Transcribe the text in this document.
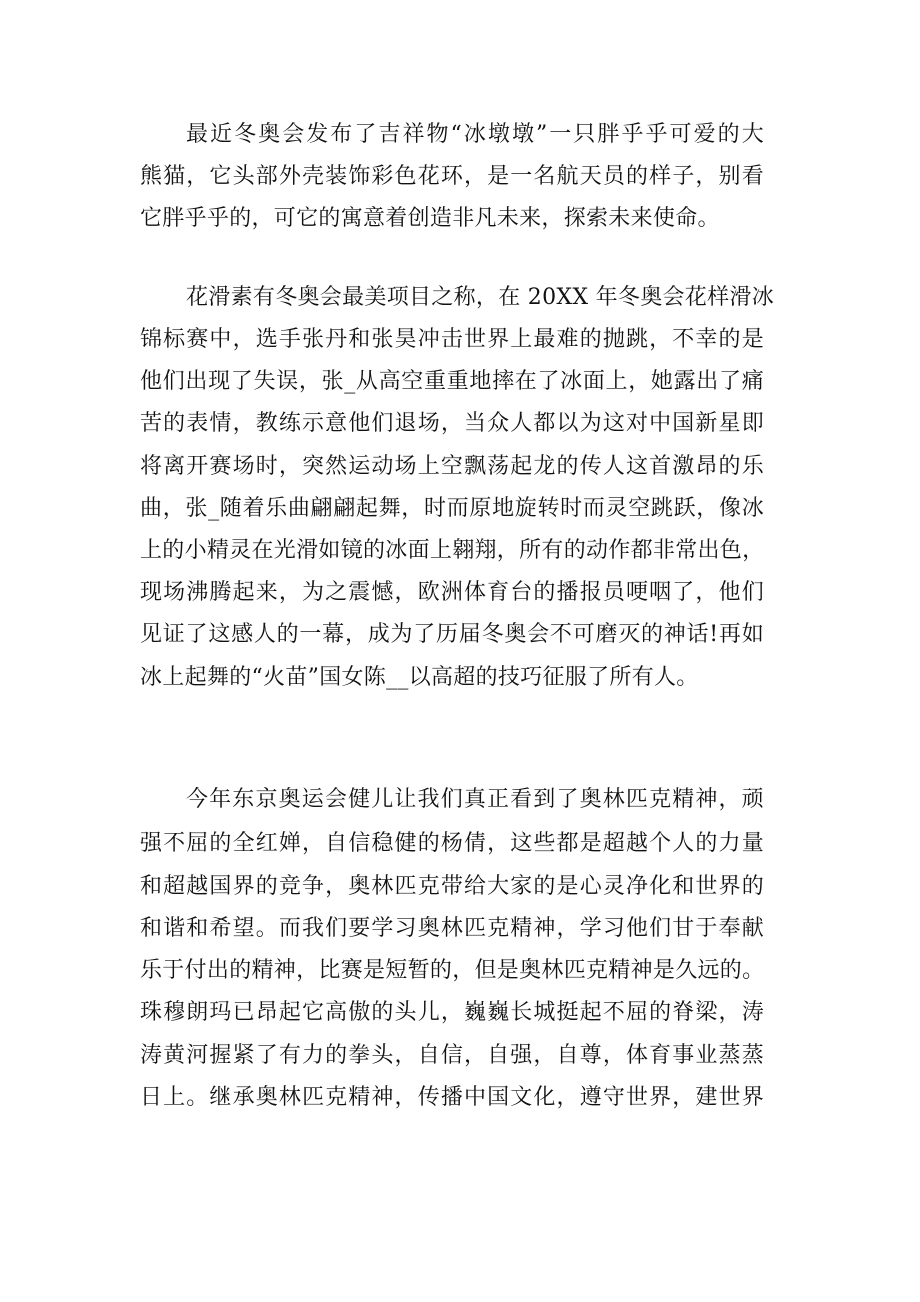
最近冬奥会发布了吉祥物“冰墩墩”一只胖乎乎可爱的大
熊猫，它头部外壳装饰彩色花环，是一名航天员的样子，别看
它胖乎乎的，可它的寓意着创造非凡未来，探索未来使命。
花滑素有冬奥会最美项目之称，在 20XX 年冬奥会花样滑冰
锦标赛中，选手张丹和张昊冲击世界上最难的抛跳，不幸的是
他们出现了失误，张_从高空重重地摔在了冰面上，她露出了痛
苦的表情，教练示意他们退场，当众人都以为这对中国新星即
将离开赛场时，突然运动场上空飘荡起龙的传人这首激昂的乐
曲，张_随着乐曲翩翩起舞，时而原地旋转时而灵空跳跃，像冰
上的小精灵在光滑如镜的冰面上翱翔，所有的动作都非常出色，
现场沸腾起来，为之震憾，欧洲体育台的播报员哽咽了，他们
见证了这感人的一幕，成为了历届冬奥会不可磨灭的神话!再如
冰上起舞的“火苗”国女陈__以高超的技巧征服了所有人。
今年东京奥运会健儿让我们真正看到了奥林匹克精神，顽
强不屈的全红婵，自信稳健的杨倩，这些都是超越个人的力量
和超越国界的竞争，奥林匹克带给大家的是心灵净化和世界的
和谐和希望。而我们要学习奥林匹克精神，学习他们甘于奉献
乐于付出的精神，比赛是短暂的，但是奥林匹克精神是久远的。
珠穆朗玛已昂起它高傲的头儿，巍巍长城挺起不屈的脊梁，涛
涛黄河握紧了有力的拳头，自信，自强，自尊，体育事业蒸蒸
日上。继承奥林匹克精神，传播中国文化，遵守世界，建世界
